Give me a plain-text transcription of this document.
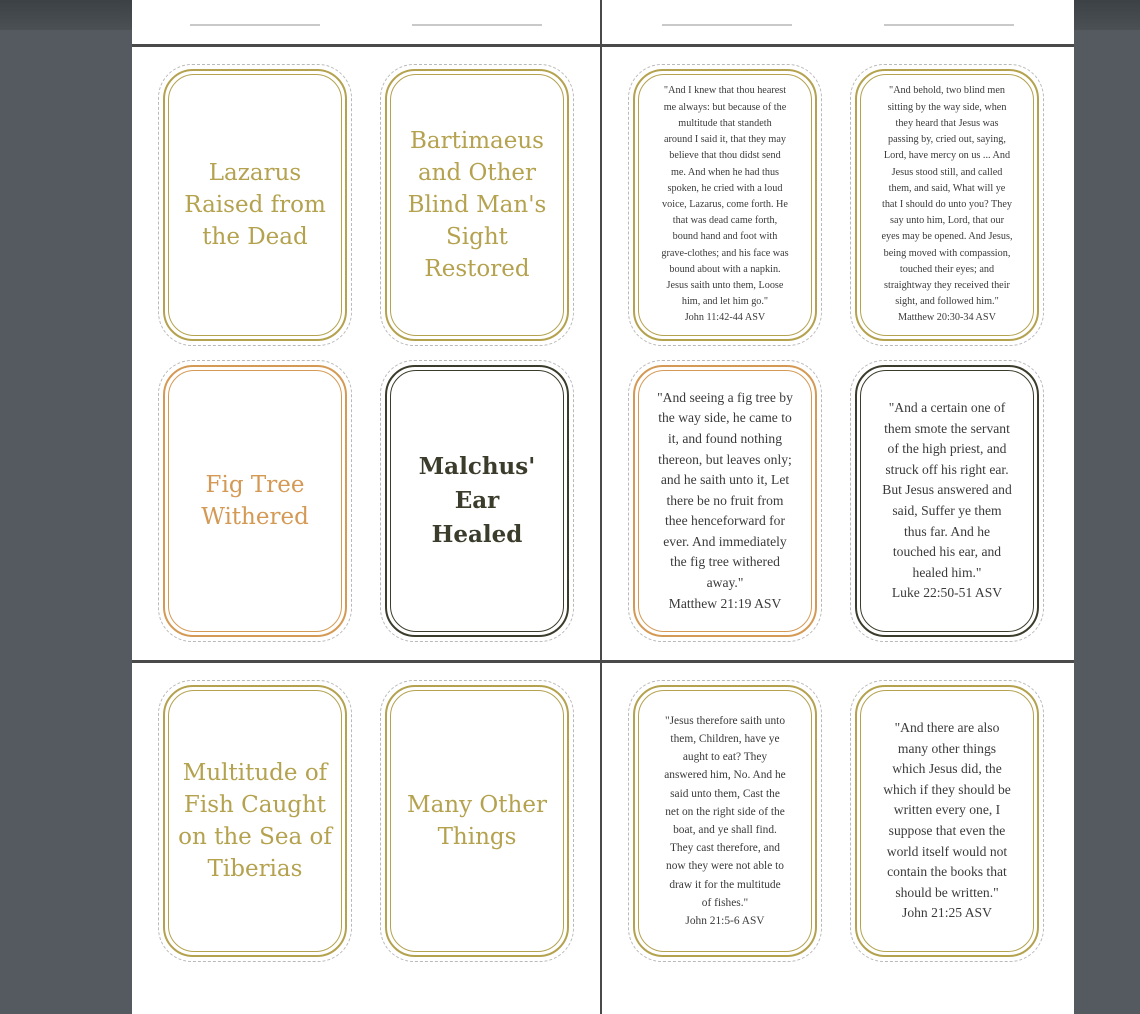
Lazarus
Raised from
the Dead
Bartimaeus
and Other
Blind Man's
Sight
Restored

"And I knew that thou hearest
me always: but because of the
multitude that standeth
around I said it, that they may
believe that thou didst send
me. And when he had thus
spoken, he cried with a loud
voice, Lazarus, come forth. He
that was dead came forth,
bound hand and foot with
grave-clothes; and his face was
bound about with a napkin.
Jesus saith unto them, Loose
him, and let him go."

John 11:42-44 ASV

"And behold, two blind men
sitting by the way side, when
they heard that Jesus was
passing by, cried out, saying,
Lord, have mercy on us ... And
Jesus stood still, and called
them, and said, What will ye
that I should do unto you? They
say unto him, Lord, that our
eyes may be opened. And Jesus,
being moved with compassion,
touched their eyes; and
straightway they received their
sight, and followed him."

Matthew 20:30-34 ASV

Fig Tree
Withered
Malchus' Ear
Healed

"And seeing a fig tree by
the way side, he came to
it, and found nothing
thereon, but leaves only;
and he saith unto it, Let
there be no fruit from
thee henceforward for
ever. And immediately
the fig tree withered
away."

Matthew 21:19 ASV

"And a certain one of
them smote the servant
of the high priest, and
struck off his right ear.
But Jesus answered and
said, Suffer ye them
thus far. And he
touched his ear, and
healed him."

Luke 22:50-51 ASV

Multitude of
Fish Caught
on the Sea of
Tiberias
Many Other
Things

"Jesus therefore saith unto
them, Children, have ye
aught to eat? They
answered him, No. And he
said unto them, Cast the
net on the right side of the
boat, and ye shall find.
They cast therefore, and
now they were not able to
draw it for the multitude
of fishes."

John 21:5-6 ASV

"And there are also
many other things
which Jesus did, the
which if they should be
written every one, I
suppose that even the
world itself would not
contain the books that
should be written."

John 21:25 ASV
